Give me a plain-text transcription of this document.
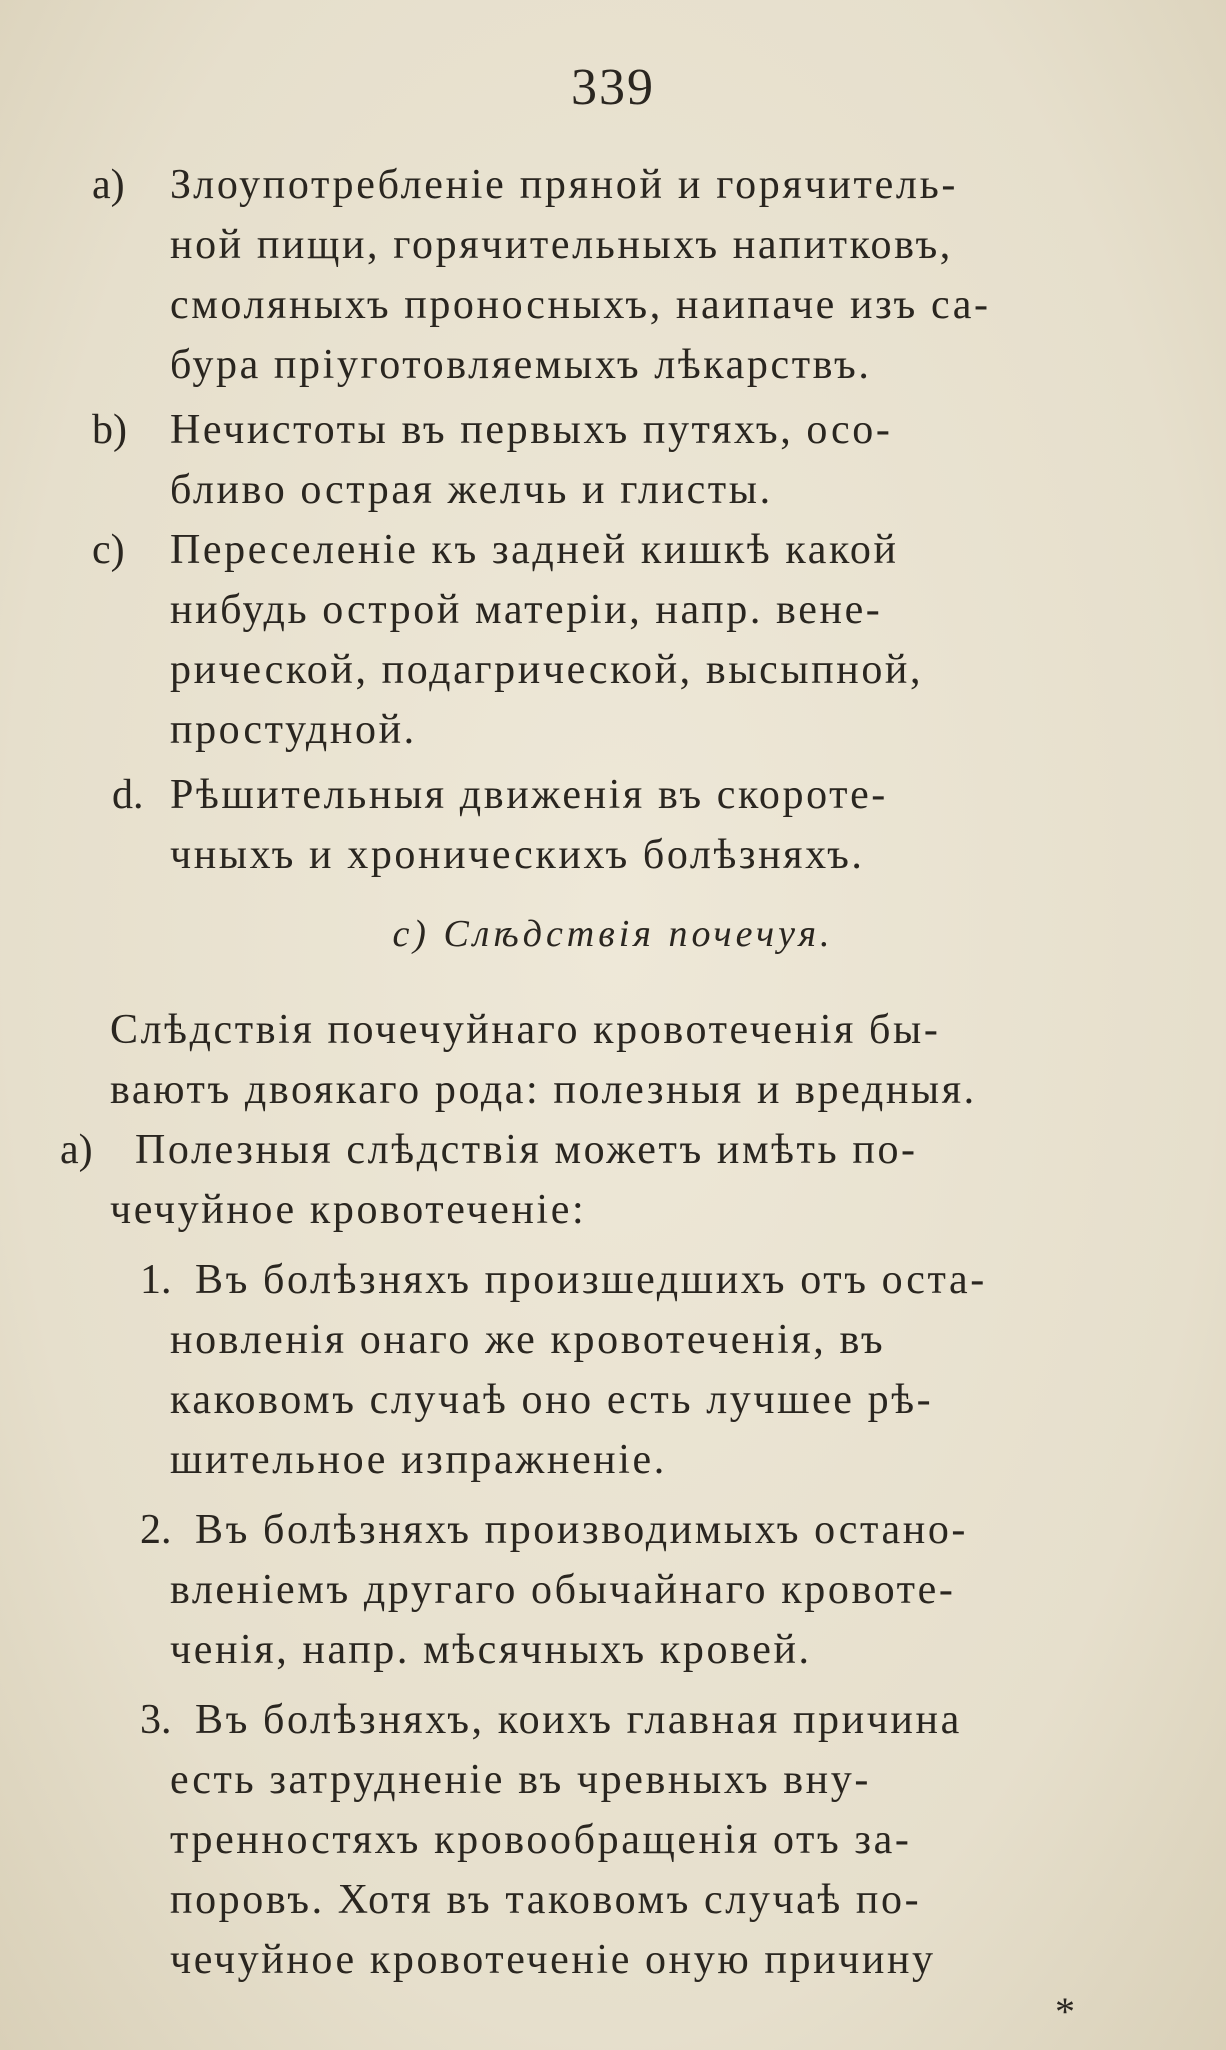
339
a) Злоупотребленіе пряной и горячитель-
ной пищи, горячительныхъ напитковъ,
смоляныхъ проносныхъ, наипаче изъ са-
бура пріуготовляемыхъ лѣкарствъ.
b) Нечистоты въ первыхъ путяхъ, осо-
бливо острая желчь и глисты.
c) Переселеніе къ задней кишкѣ какой
нибудь острой матеріи, напр. вене-
рической, подагрической, высыпной,
простудной.
d. Рѣшительныя движенія въ скороте-
чныхъ и хроническихъ болѣзняхъ.
c) Слѣдствія почечуя.
Слѣдствія почечуйнаго кровотеченія бы-
ваютъ двоякаго рода: полезныя и вредныя.
a) Полезныя слѣдствія можетъ имѣть по-
чечуйное кровотеченіе:
1. Въ болѣзняхъ произшедшихъ отъ оста-
новленія онаго же кровотеченія, въ
каковомъ случаѣ оно есть лучшее рѣ-
шительное изпражненіе.
2. Въ болѣзняхъ производимыхъ остано-
вленіемъ другаго обычайнаго кровоте-
ченія, напр. мѣсячныхъ кровей.
3. Въ болѣзняхъ, коихъ главная причина
есть затрудненіе въ чревныхъ вну-
тренностяхъ кровообращенія отъ за-
поровъ. Хотя въ таковомъ случаѣ по-
чечуйное кровотеченіе оную причину
*
